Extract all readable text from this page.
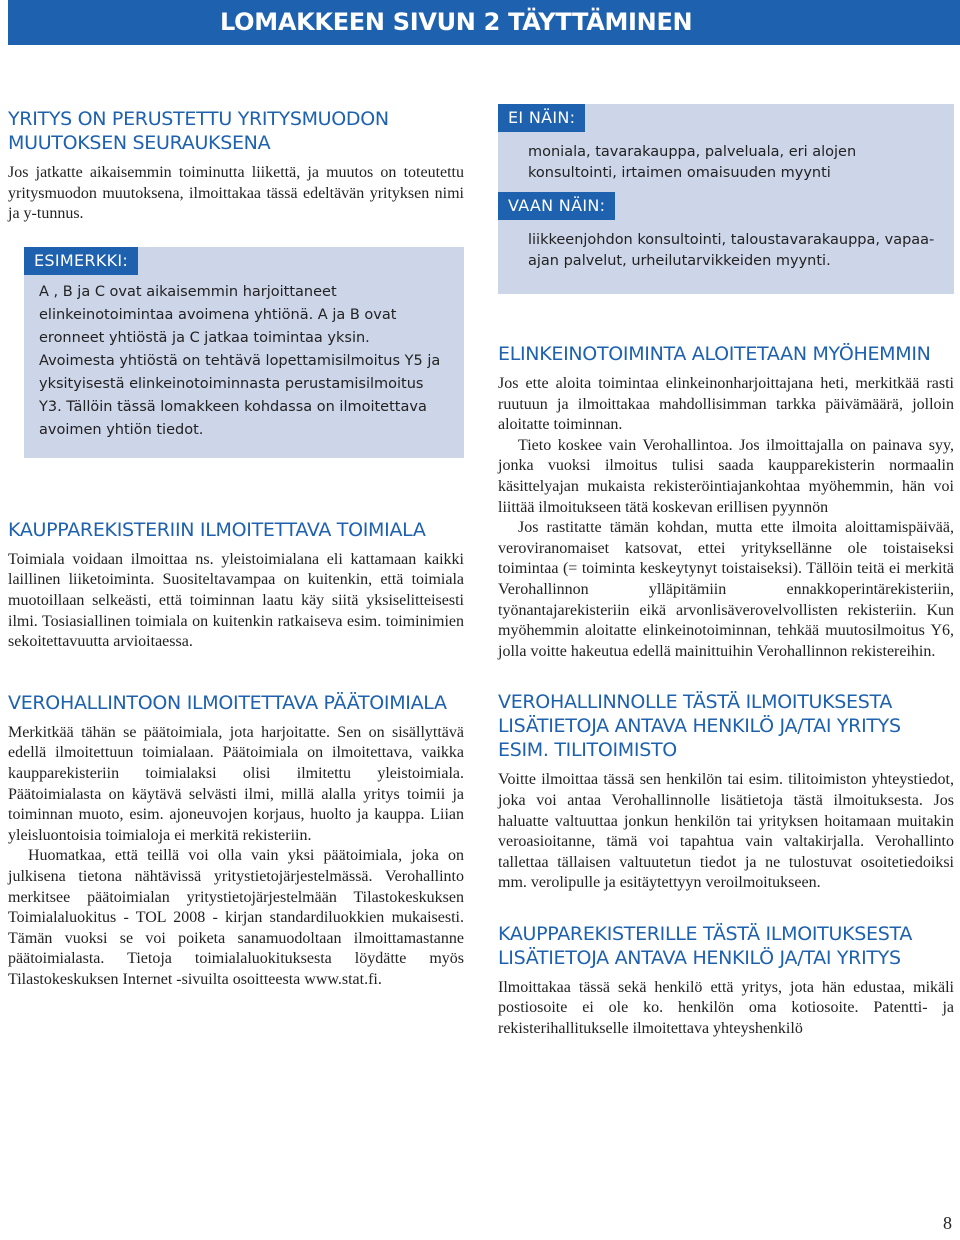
LOMAKKEEN SIVUN 2 TÄYTTÄMINEN
YRITYS ON PERUSTETTU YRITYSMUODON MUUTOKSEN SEURAUKSENA

Jos jatkatte aikaisemmin toiminutta liikettä, ja muutos on toteutettu yritysmuodon muutoksena, ilmoittakaa tässä edeltävän yrityksen nimi ja y-tunnus.

ESIMERKKI:
A , B ja C ovat aikaisemmin harjoittaneet elinkeinotoimintaa avoimena yhtiönä. A ja B ovat eronneet yhtiöstä ja C jatkaa toimintaa yksin.
Avoimesta yhtiöstä on tehtävä lopettamisilmoitus Y5 ja yksityisestä elinkeinotoiminnasta perustamisilmoitus Y3. Tällöin tässä lomakkeen kohdassa on ilmoitettava avoimen yhtiön tiedot.
KAUPPAREKISTERIIN ILMOITETTAVA TOIMIALA

Toimiala voidaan ilmoittaa ns. yleistoimialana eli kattamaan kaikki laillinen liiketoiminta. Suositeltavampaa on kuitenkin, että toimiala muotoillaan selkeästi, että toiminnan laatu käy siitä yksiselitteisesti ilmi. Tosiasiallinen toimiala on kuitenkin ratkaiseva esim. toiminimien sekoitettavuutta arvioitaessa.

VEROHALLINTOON ILMOITETTAVA PÄÄTOIMIALA

Merkitkää tähän se päätoimiala, jota harjoitatte. Sen on sisällyttävä edellä ilmoitettuun toimialaan. Päätoimiala on ilmoitettava, vaikka kaupparekisteriin toimialaksi olisi ilmitettu yleistoimiala. Päätoimialasta on käytävä selvästi ilmi, millä alalla yritys toimii ja toiminnan muoto, esim. ajoneuvojen korjaus, huolto ja kauppa. Liian yleisluontoisia toimialoja ei merkitä rekisteriin.

Huomatkaa, että teillä voi olla vain yksi päätoimiala, joka on julkisena tietona nähtävissä yritystietojärjestelmässä. Verohallinto merkitsee päätoimialan yritystietojärjestelmään Tilastokeskuksen Toimialaluokitus - TOL 2008 - kirjan standardiluokkien mukaisesti. Tämän vuoksi se voi poiketa sanamuodoltaan ilmoittamastanne päätoimialasta. Tietoja toimialaluokituksesta löydätte myös Tilastokeskuksen Internet -sivuilta osoitteesta www.stat.fi.

EI NÄIN:
moniala, tavarakauppa, palveluala, eri alojen konsultointi, irtaimen omaisuuden myynti
VAAN NÄIN:
liikkeenjohdon konsultointi, taloustavarakauppa, vapaa-ajan palvelut, urheilutarvikkeiden myynti.
ELINKEINOTOIMINTA ALOITETAAN MYÖHEMMIN

Jos ette aloita toimintaa elinkeinonharjoittajana heti, merkitkää rasti ruutuun ja ilmoittakaa mahdollisimman tarkka päivämäärä, jolloin aloitatte toiminnan.

Tieto koskee vain Verohallintoa. Jos ilmoittajalla on painava syy, jonka vuoksi ilmoitus tulisi saada kaupparekisterin normaalin käsittelyajan mukaista rekisteröintiajankohtaa myöhemmin, hän voi liittää ilmoitukseen tätä koskevan erillisen pyynnön

Jos rastitatte tämän kohdan, mutta ette ilmoita aloittamispäivää, veroviranomaiset katsovat, ettei yrityksellänne ole toistaiseksi toimintaa (= toiminta keskeytynyt toistaiseksi). Tällöin teitä ei merkitä Verohallinnon ylläpitämiin ennakkoperintärekisteriin, työnantajarekisteriin eikä arvonlisäverovelvollisten rekisteriin. Kun myöhemmin aloitatte elinkeinotoiminnan, tehkää muutosilmoitus Y6, jolla voitte hakeutua edellä mainittuihin Verohallinnon rekistereihin.

VEROHALLINNOLLE TÄSTÄ ILMOITUKSESTA LISÄTIETOJA ANTAVA HENKILÖ JA/TAI YRITYS ESIM. TILITOIMISTO

Voitte ilmoittaa tässä sen henkilön tai esim. tilitoimiston yhteystiedot, joka voi antaa Verohallinnolle lisätietoja tästä ilmoituksesta. Jos haluatte valtuuttaa jonkun henkilön tai yrityksen hoitamaan muitakin veroasioitanne, tämä voi tapahtua vain valtakirjalla. Verohallinto tallettaa tällaisen valtuutetun tiedot ja ne tulostuvat osoitetiedoiksi mm. verolipulle ja esitäytettyyn veroilmoitukseen.

KAUPPAREKISTERILLE TÄSTÄ ILMOITUKSESTA LISÄTIETOJA ANTAVA HENKILÖ JA/TAI YRITYS

Ilmoittakaa tässä sekä henkilö että yritys, jota hän edustaa, mikäli postiosoite ei ole ko. henkilön oma kotiosoite. Patentti- ja rekisterihallitukselle ilmoitettava yhteyshenkilö

8
